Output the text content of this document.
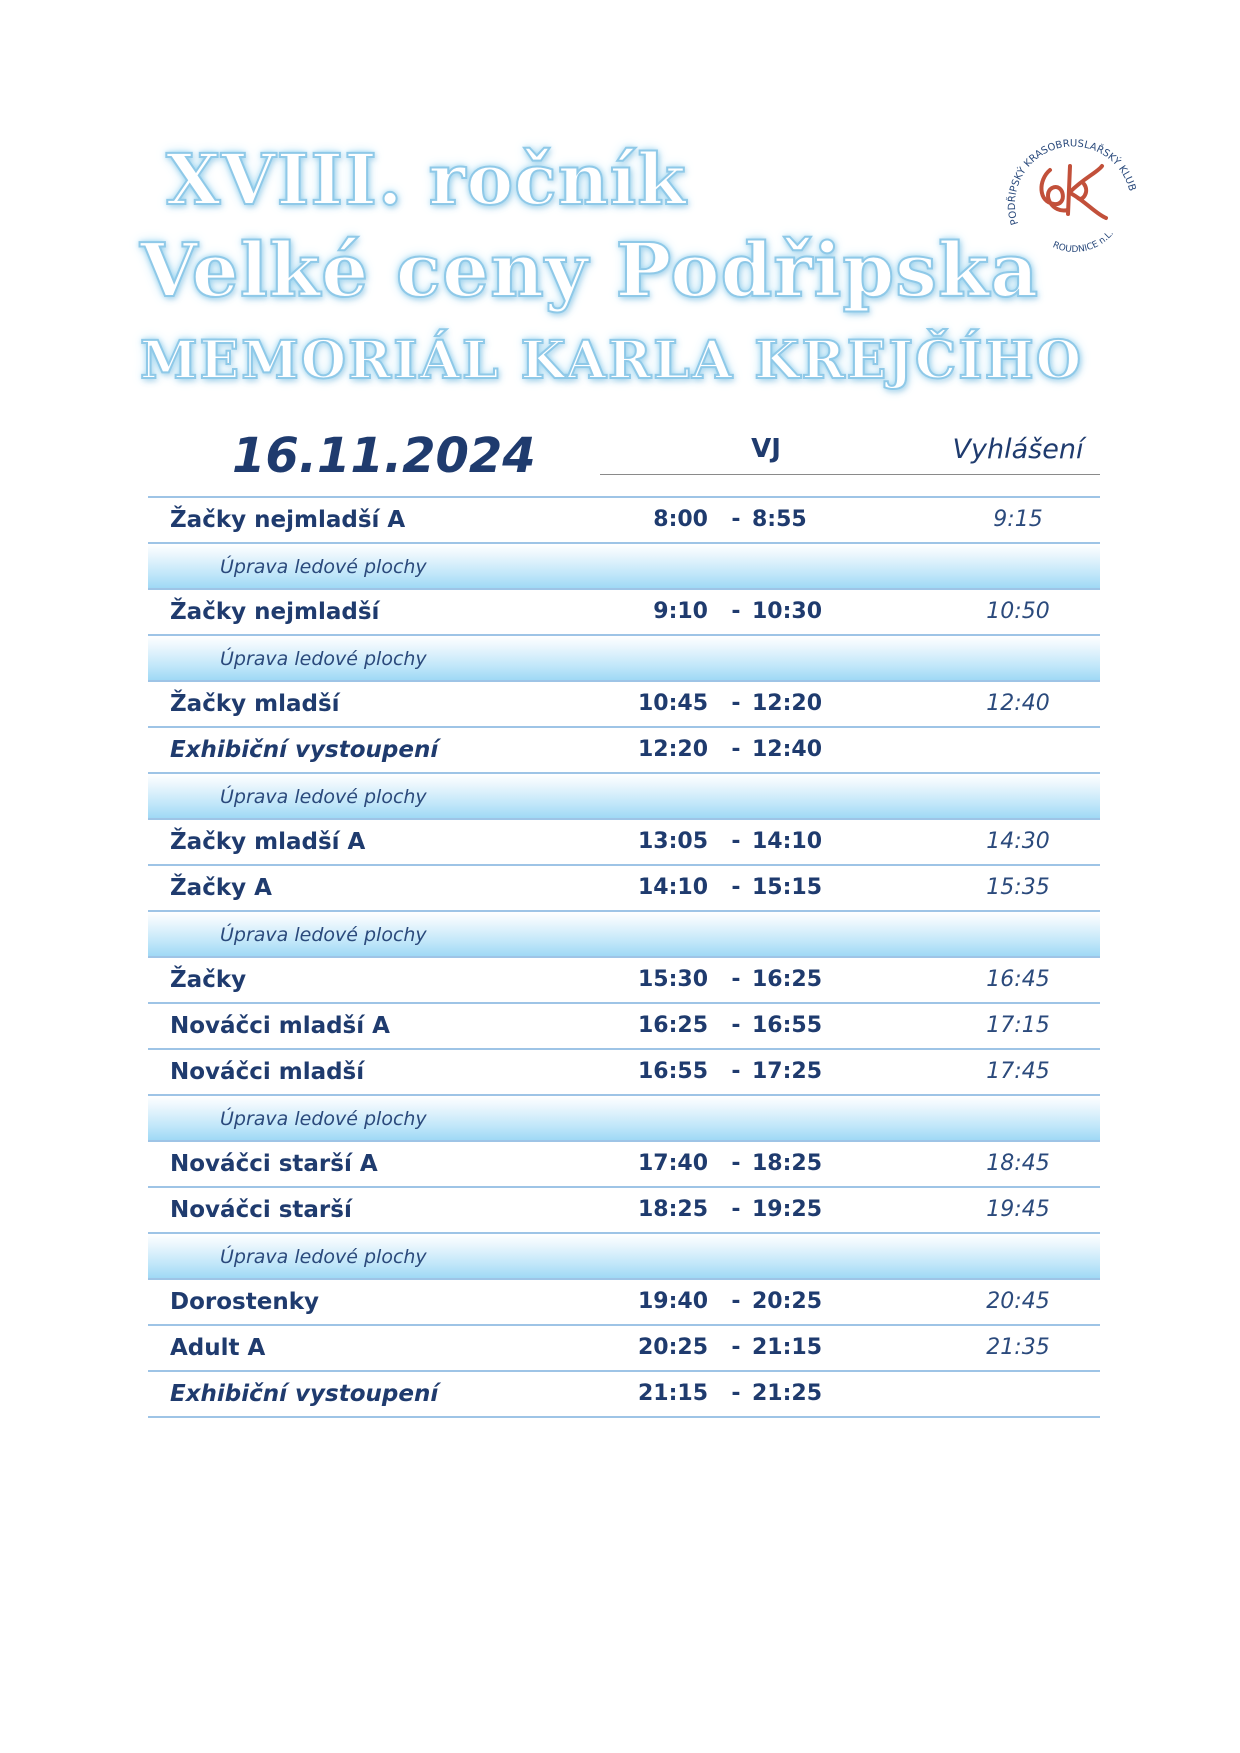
XVIII. ročník
Velké ceny Podřipska
MEMORIÁL KARLA KREJČÍHO
PODŘIPSKÝ KRASOBRUSLAŘSKÝ KLUB
ROUDNICE n.L.
16.11.2024	VJ	Vyhlášení
Žačky nejmladší A	8:00 - 8:55	9:15
Úprava ledové plochy
Žačky nejmladší	9:10 - 10:30	10:50
Úprava ledové plochy
Žačky mladší	10:45 - 12:20	12:40
Exhibiční vystoupení	12:20 - 12:40
Úprava ledové plochy
Žačky mladší A	13:05 - 14:10	14:30
Žačky A	14:10 - 15:15	15:35
Úprava ledové plochy
Žačky	15:30 - 16:25	16:45
Nováčci mladší A	16:25 - 16:55	17:15
Nováčci mladší	16:55 - 17:25	17:45
Úprava ledové plochy
Nováčci starší A	17:40 - 18:25	18:45
Nováčci starší	18:25 - 19:25	19:45
Úprava ledové plochy
Dorostenky	19:40 - 20:25	20:45
Adult A	20:25 - 21:15	21:35
Exhibiční vystoupení	21:15 - 21:25
